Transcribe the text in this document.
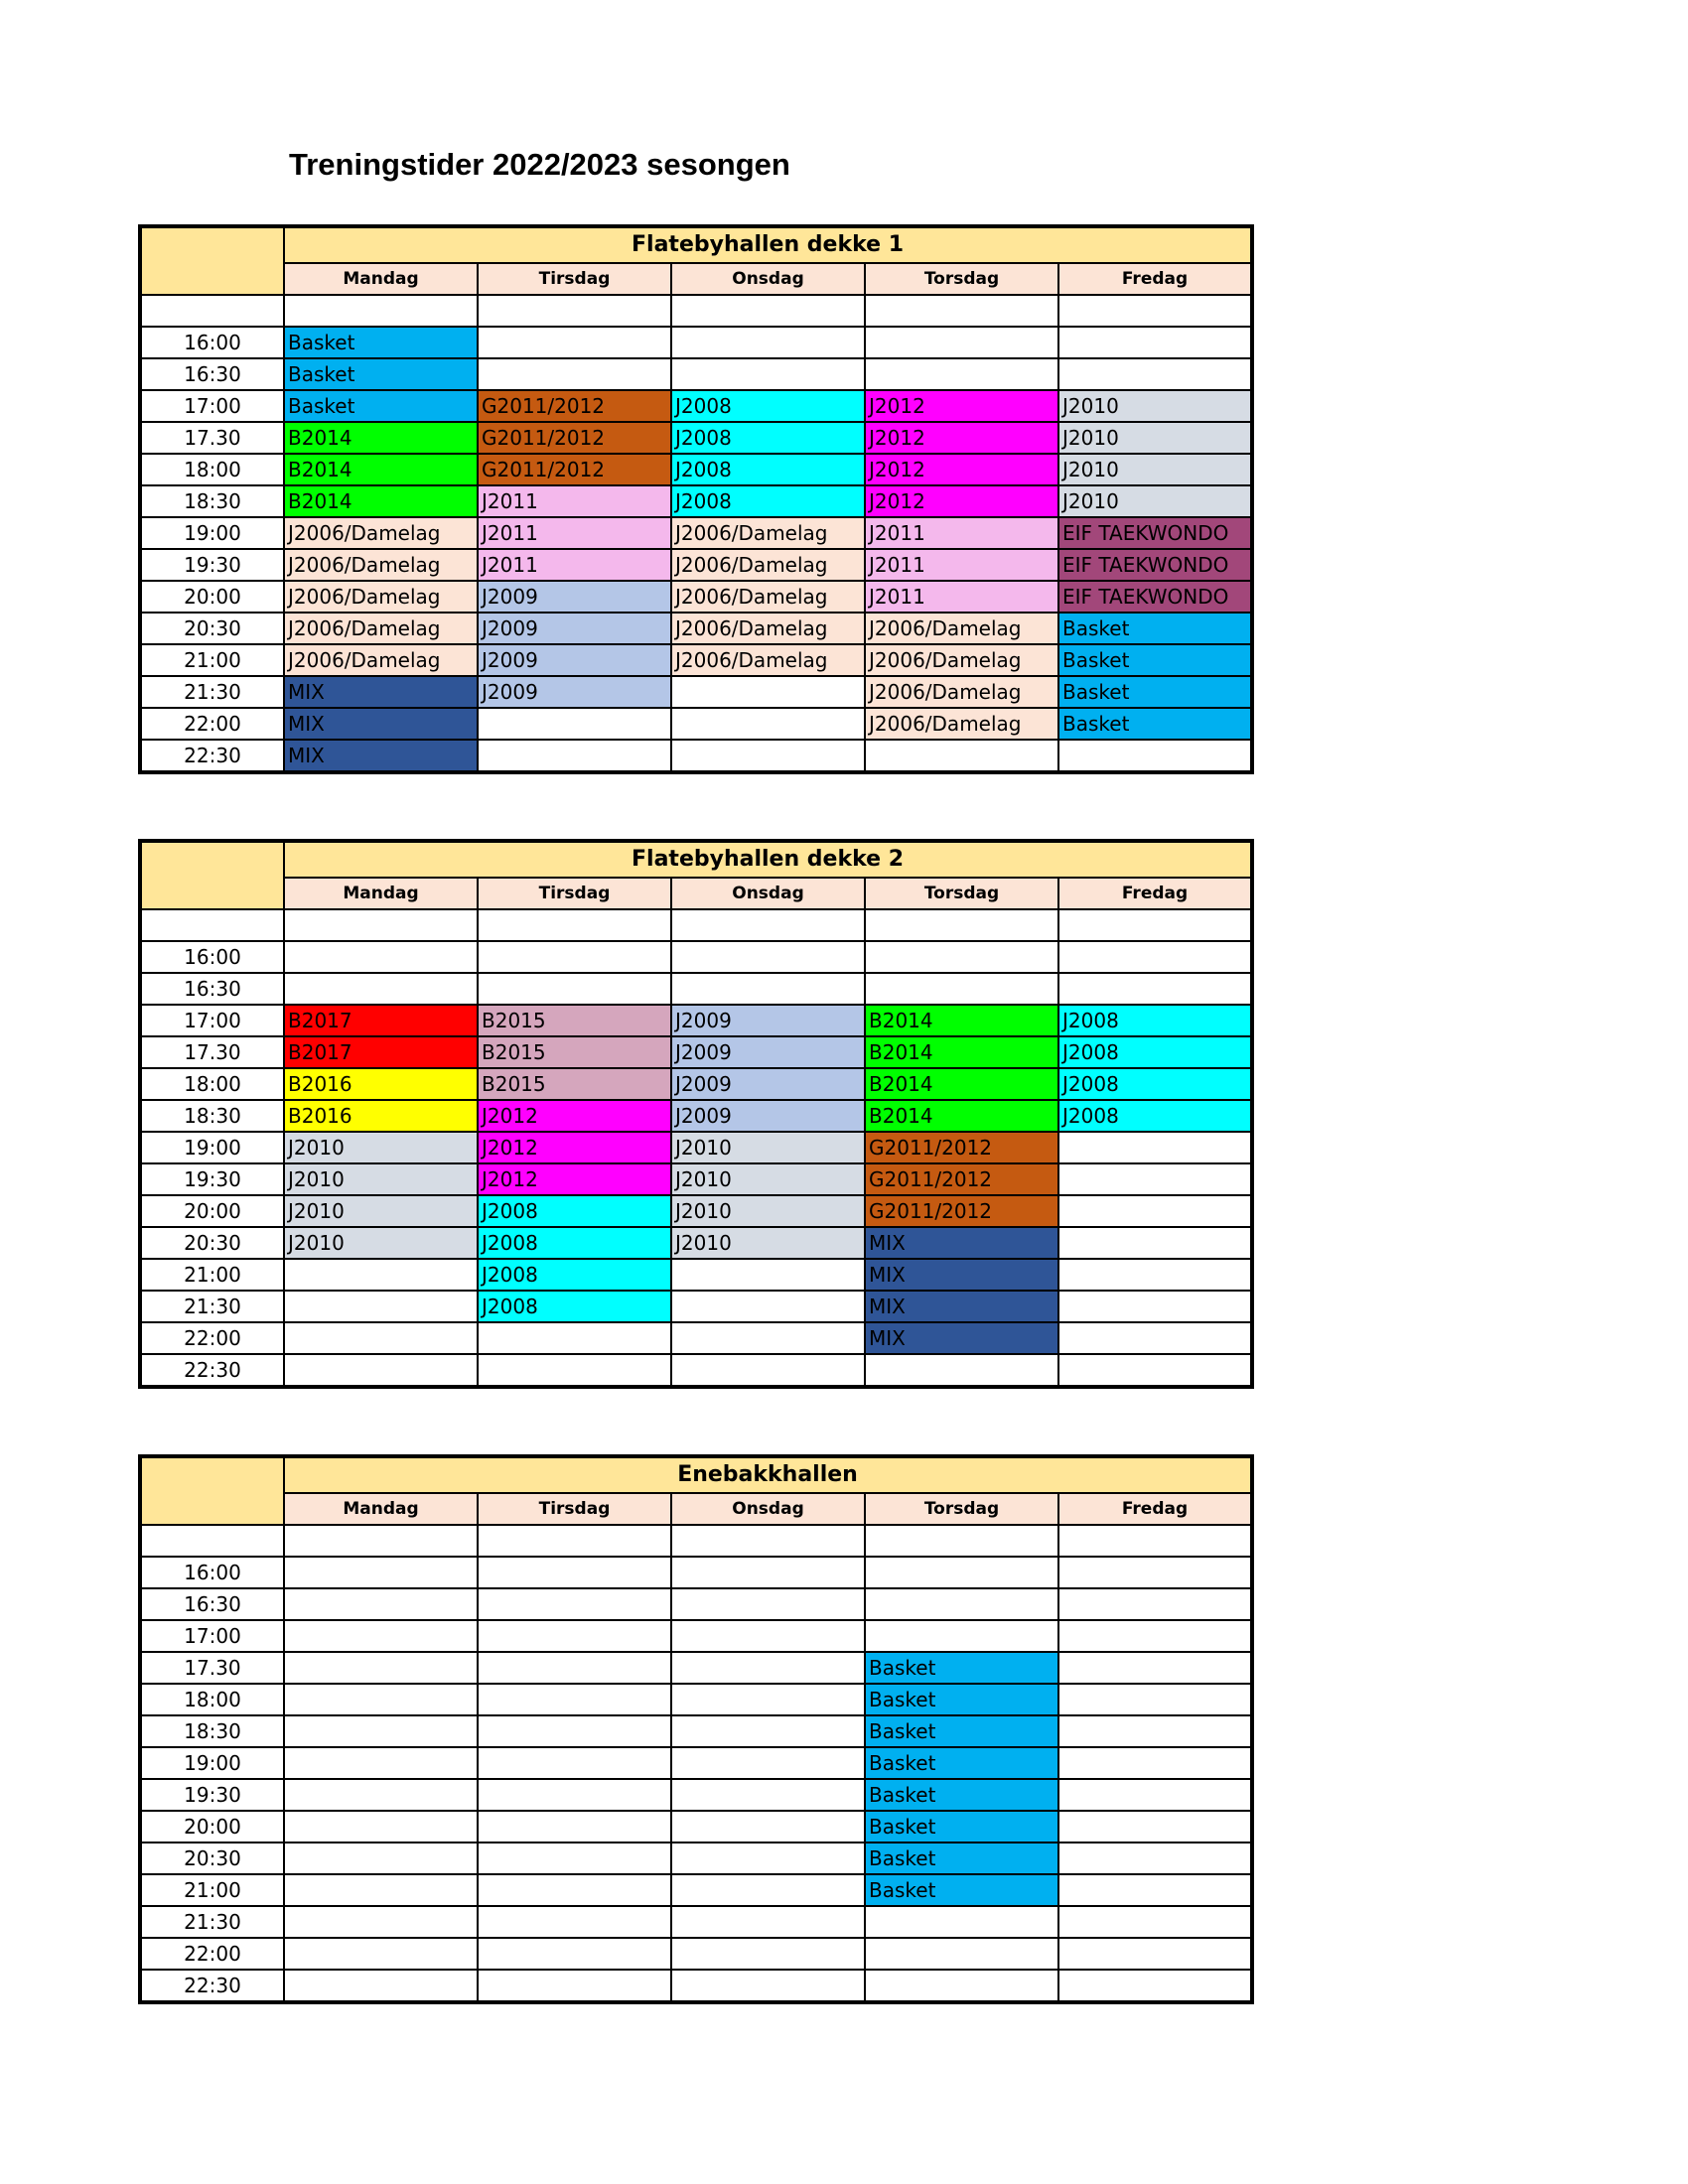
Treningstider 2022/2023 sesongen
	Flatebyhallen dekke 1				
	Mandag	Tirsdag	Onsdag	Torsdag	Fredag

16:00	Basket				
16:30	Basket				
17:00	Basket	G2011/2012	J2008	J2012	J2010
17.30	B2014	G2011/2012	J2008	J2012	J2010
18:00	B2014	G2011/2012	J2008	J2012	J2010
18:30	B2014	J2011	J2008	J2012	J2010
19:00	J2006/Damelag	J2011	J2006/Damelag	J2011	EIF TAEKWONDO
19:30	J2006/Damelag	J2011	J2006/Damelag	J2011	EIF TAEKWONDO
20:00	J2006/Damelag	J2009	J2006/Damelag	J2011	EIF TAEKWONDO
20:30	J2006/Damelag	J2009	J2006/Damelag	J2006/Damelag	Basket
21:00	J2006/Damelag	J2009	J2006/Damelag	J2006/Damelag	Basket
21:30	MIX	J2009		J2006/Damelag	Basket
22:00	MIX			J2006/Damelag	Basket
22:30	MIX				
	Flatebyhallen dekke 2				
	Mandag	Tirsdag	Onsdag	Torsdag	Fredag

16:00					
16:30					
17:00	B2017	B2015	J2009	B2014	J2008
17.30	B2017	B2015	J2009	B2014	J2008
18:00	B2016	B2015	J2009	B2014	J2008
18:30	B2016	J2012	J2009	B2014	J2008
19:00	J2010	J2012	J2010	G2011/2012	
19:30	J2010	J2012	J2010	G2011/2012	
20:00	J2010	J2008	J2010	G2011/2012	
20:30	J2010	J2008	J2010	MIX	
21:00		J2008		MIX	
21:30		J2008		MIX	
22:00				MIX	
22:30					
	Enebakkhallen				
	Mandag	Tirsdag	Onsdag	Torsdag	Fredag

16:00					
16:30					
17:00					
17.30				Basket	
18:00				Basket	
18:30				Basket	
19:00				Basket	
19:30				Basket	
20:00				Basket	
20:30				Basket	
21:00				Basket	
21:30					
22:00					
22:30					
